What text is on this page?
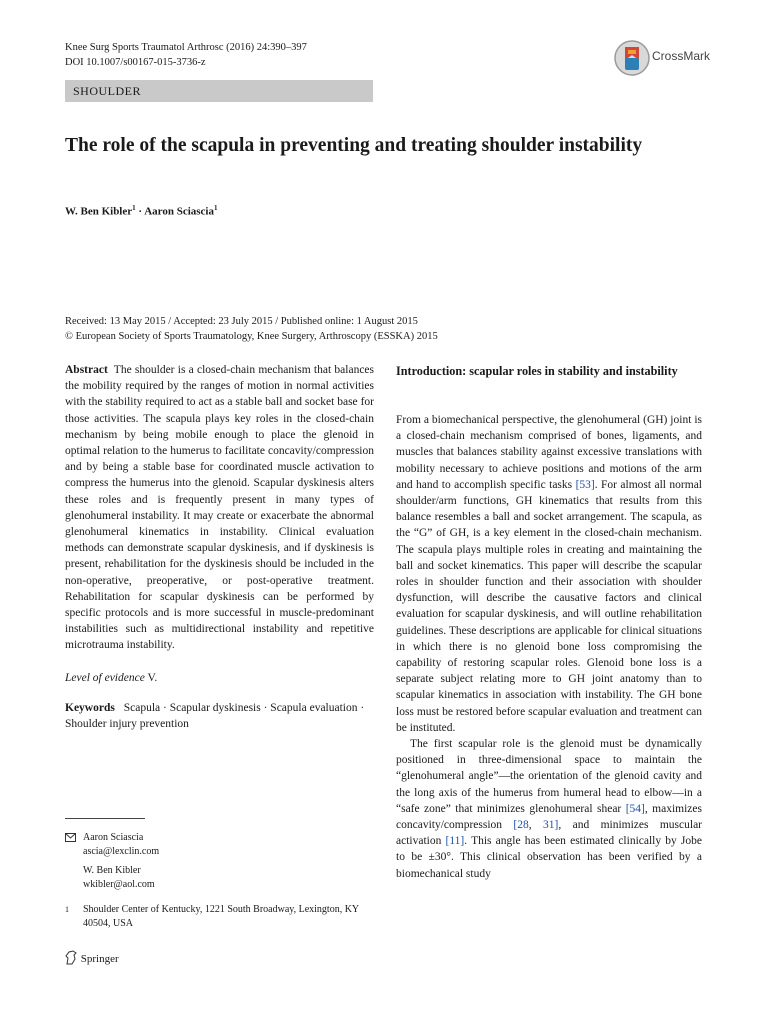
Knee Surg Sports Traumatol Arthrosc (2016) 24:390–397
DOI 10.1007/s00167-015-3736-z	CrossMark
SHOULDER
The role of the scapula in preventing and treating shoulder instability
W. Ben Kibler$^1$ · Aaron Sciascia$^1$
Received: 13 May 2015 / Accepted: 23 July 2015 / Published online: 1 August 2015
© European Society of Sports Traumatology, Knee Surgery, Arthroscopy (ESSKA) 2015

Abstract The shoulder is a closed-chain mechanism that balances the mobility required by the ranges of motion in normal activities with the stability required to act as a stable ball and socket base for those activities. The scapula plays key roles in the closed-chain mechanism by being mobile enough to place the glenoid in optimal relation to the humerus to facilitate concavity/compression and by being a stable base for coordinated muscle activation to compress the humerus into the glenoid. Scapular dyskinesis alters these roles and is frequently present in many types of glenohumeral instability. It may create or exacerbate the abnormal glenohumeral kinematics in instability. Clinical evaluation methods can demonstrate scapular dyskinesis, and if dyskinesis is present, rehabilitation for the dyskinesis should be included in the non-operative, preoperative, or post-operative treatment. Rehabilitation for scapular dyskinesis can be performed by specific protocols and is more successful in muscle-predominant instabilities such as multidirectional instability and repetitive microtrauma instability.

Level of evidence V.

Keywords Scapula · Scapular dyskinesis · Scapula evaluation · Shoulder injury prevention

Aaron Sciascia
ascia@lexclin.com
W. Ben Kibler
wkibler@aol.com
1 Shoulder Center of Kentucky, 1221 South Broadway, Lexington, KY 40504, USA
Springer
Introduction: scapular roles in stability and instability

From a biomechanical perspective, the glenohumeral (GH) joint is a closed-chain mechanism comprised of bones, ligaments, and muscles that balances stability against excessive translations with mobility necessary to achieve positions and motions of the arm and hand to accomplish specific tasks [53]. For almost all normal shoulder/arm functions, GH kinematics that results from this balance resembles a ball and socket arrangement. The scapula, as the “G” of GH, is a key element in the closed-chain mechanism. The scapula plays multiple roles in creating and maintaining the ball and socket kinematics. This paper will describe the scapular roles in shoulder function and their association with shoulder dysfunction, will describe the causative factors and clinical evaluation for scapular dyskinesis, and will outline rehabilitation guidelines. These descriptions are applicable for clinical situations in which there is no glenoid bone loss compromising the capability of restoring scapular roles. Glenoid bone loss is a separate subject relating more to GH joint anatomy than to scapular kinematics in association with instability. The GH bone loss must be restored before scapular evaluation and treatment can be instituted.

The first scapular role is the glenoid must be dynamically positioned in three-dimensional space to maintain the “glenohumeral angle”—the orientation of the glenoid cavity and the long axis of the humerus from humeral head to elbow—in a “safe zone” that minimizes glenohumeral shear [54], maximizes concavity/compression [28, 31], and minimizes muscular activation [11]. This angle has been estimated clinically by Jobe to be ±30°. This clinical observation has been verified by a biomechanical study
